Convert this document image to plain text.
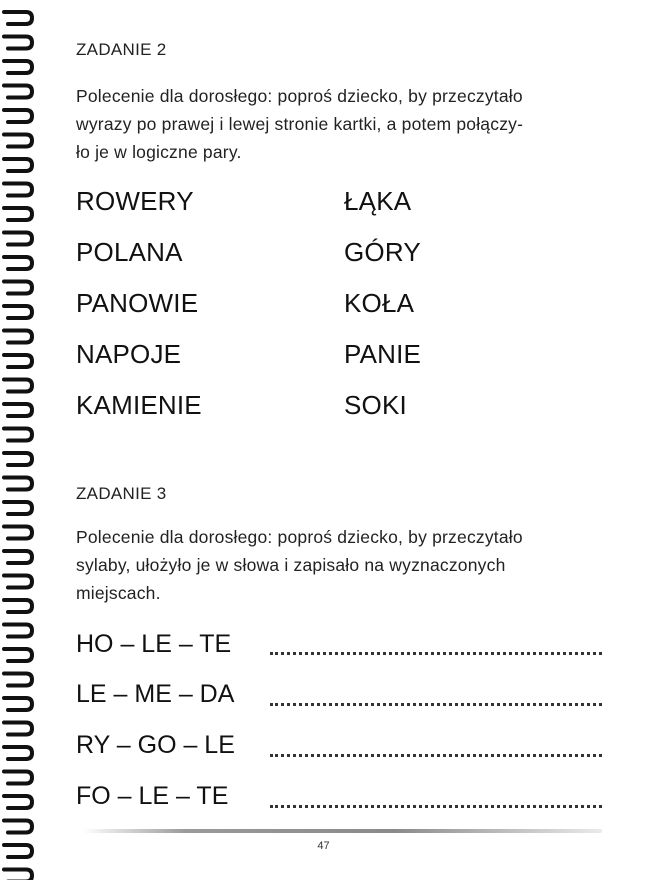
ZADANIE 2
Polecenie dla dorosłego: poproś dziecko, by przeczytało
wyrazy po prawej i lewej stronie kartki, a potem połączy-
ło je w logiczne pary.
ROWERY
POLANA
PANOWIE
NAPOJE
KAMIENIE
ŁĄKA
GÓRY
KOŁA
PANIE
SOKI
ZADANIE 3
Polecenie dla dorosłego: poproś dziecko, by przeczytało
sylaby, ułożyło je w słowa i zapisało na wyznaczonych
miejscach.
HO – LE – TE
LE – ME – DA
RY – GO – LE
FO – LE – TE
47
